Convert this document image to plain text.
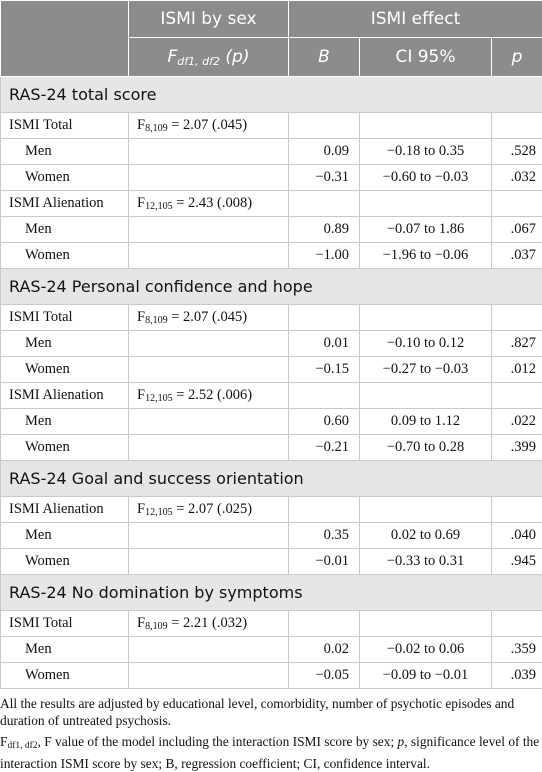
	ISMI by sex	ISMI effect		
	$F_{df1, df2}$ (p)	B	CI 95%	p
RAS-24 total score				
ISMI Total	F8,109 = 2.07 (.045)			
Men		0.09	−0.18 to 0.35	.528
Women		−0.31	−0.60 to −0.03	.032
ISMI Alienation	F12,105 = 2.43 (.008)			
Men		0.89	−0.07 to 1.86	.067
Women		−1.00	−1.96 to −0.06	.037
RAS-24 Personal confidence and hope				
ISMI Total	F8,109 = 2.07 (.045)			
Men		0.01	−0.10 to 0.12	.827
Women		−0.15	−0.27 to −0.03	.012
ISMI Alienation	F12,105 = 2.52 (.006)			
Men		0.60	0.09 to 1.12	.022
Women		−0.21	−0.70 to 0.28	.399
RAS-24 Goal and success orientation				
ISMI Alienation	F12,105 = 2.07 (.025)			
Men		0.35	0.02 to 0.69	.040
Women		−0.01	−0.33 to 0.31	.945
RAS-24 No domination by symptoms				
ISMI Total	F8,109 = 2.21 (.032)			
Men		0.02	−0.02 to 0.06	.359
Women		−0.05	−0.09 to −0.01	.039

All the results are adjusted by educational level, comorbidity, number of psychotic episodes and duration of untreated psychosis.

Fdf1, df2, F value of the model including the interaction ISMI score by sex; p, significance level of the interaction ISMI score by sex; B, regression coefficient; CI, confidence interval.
